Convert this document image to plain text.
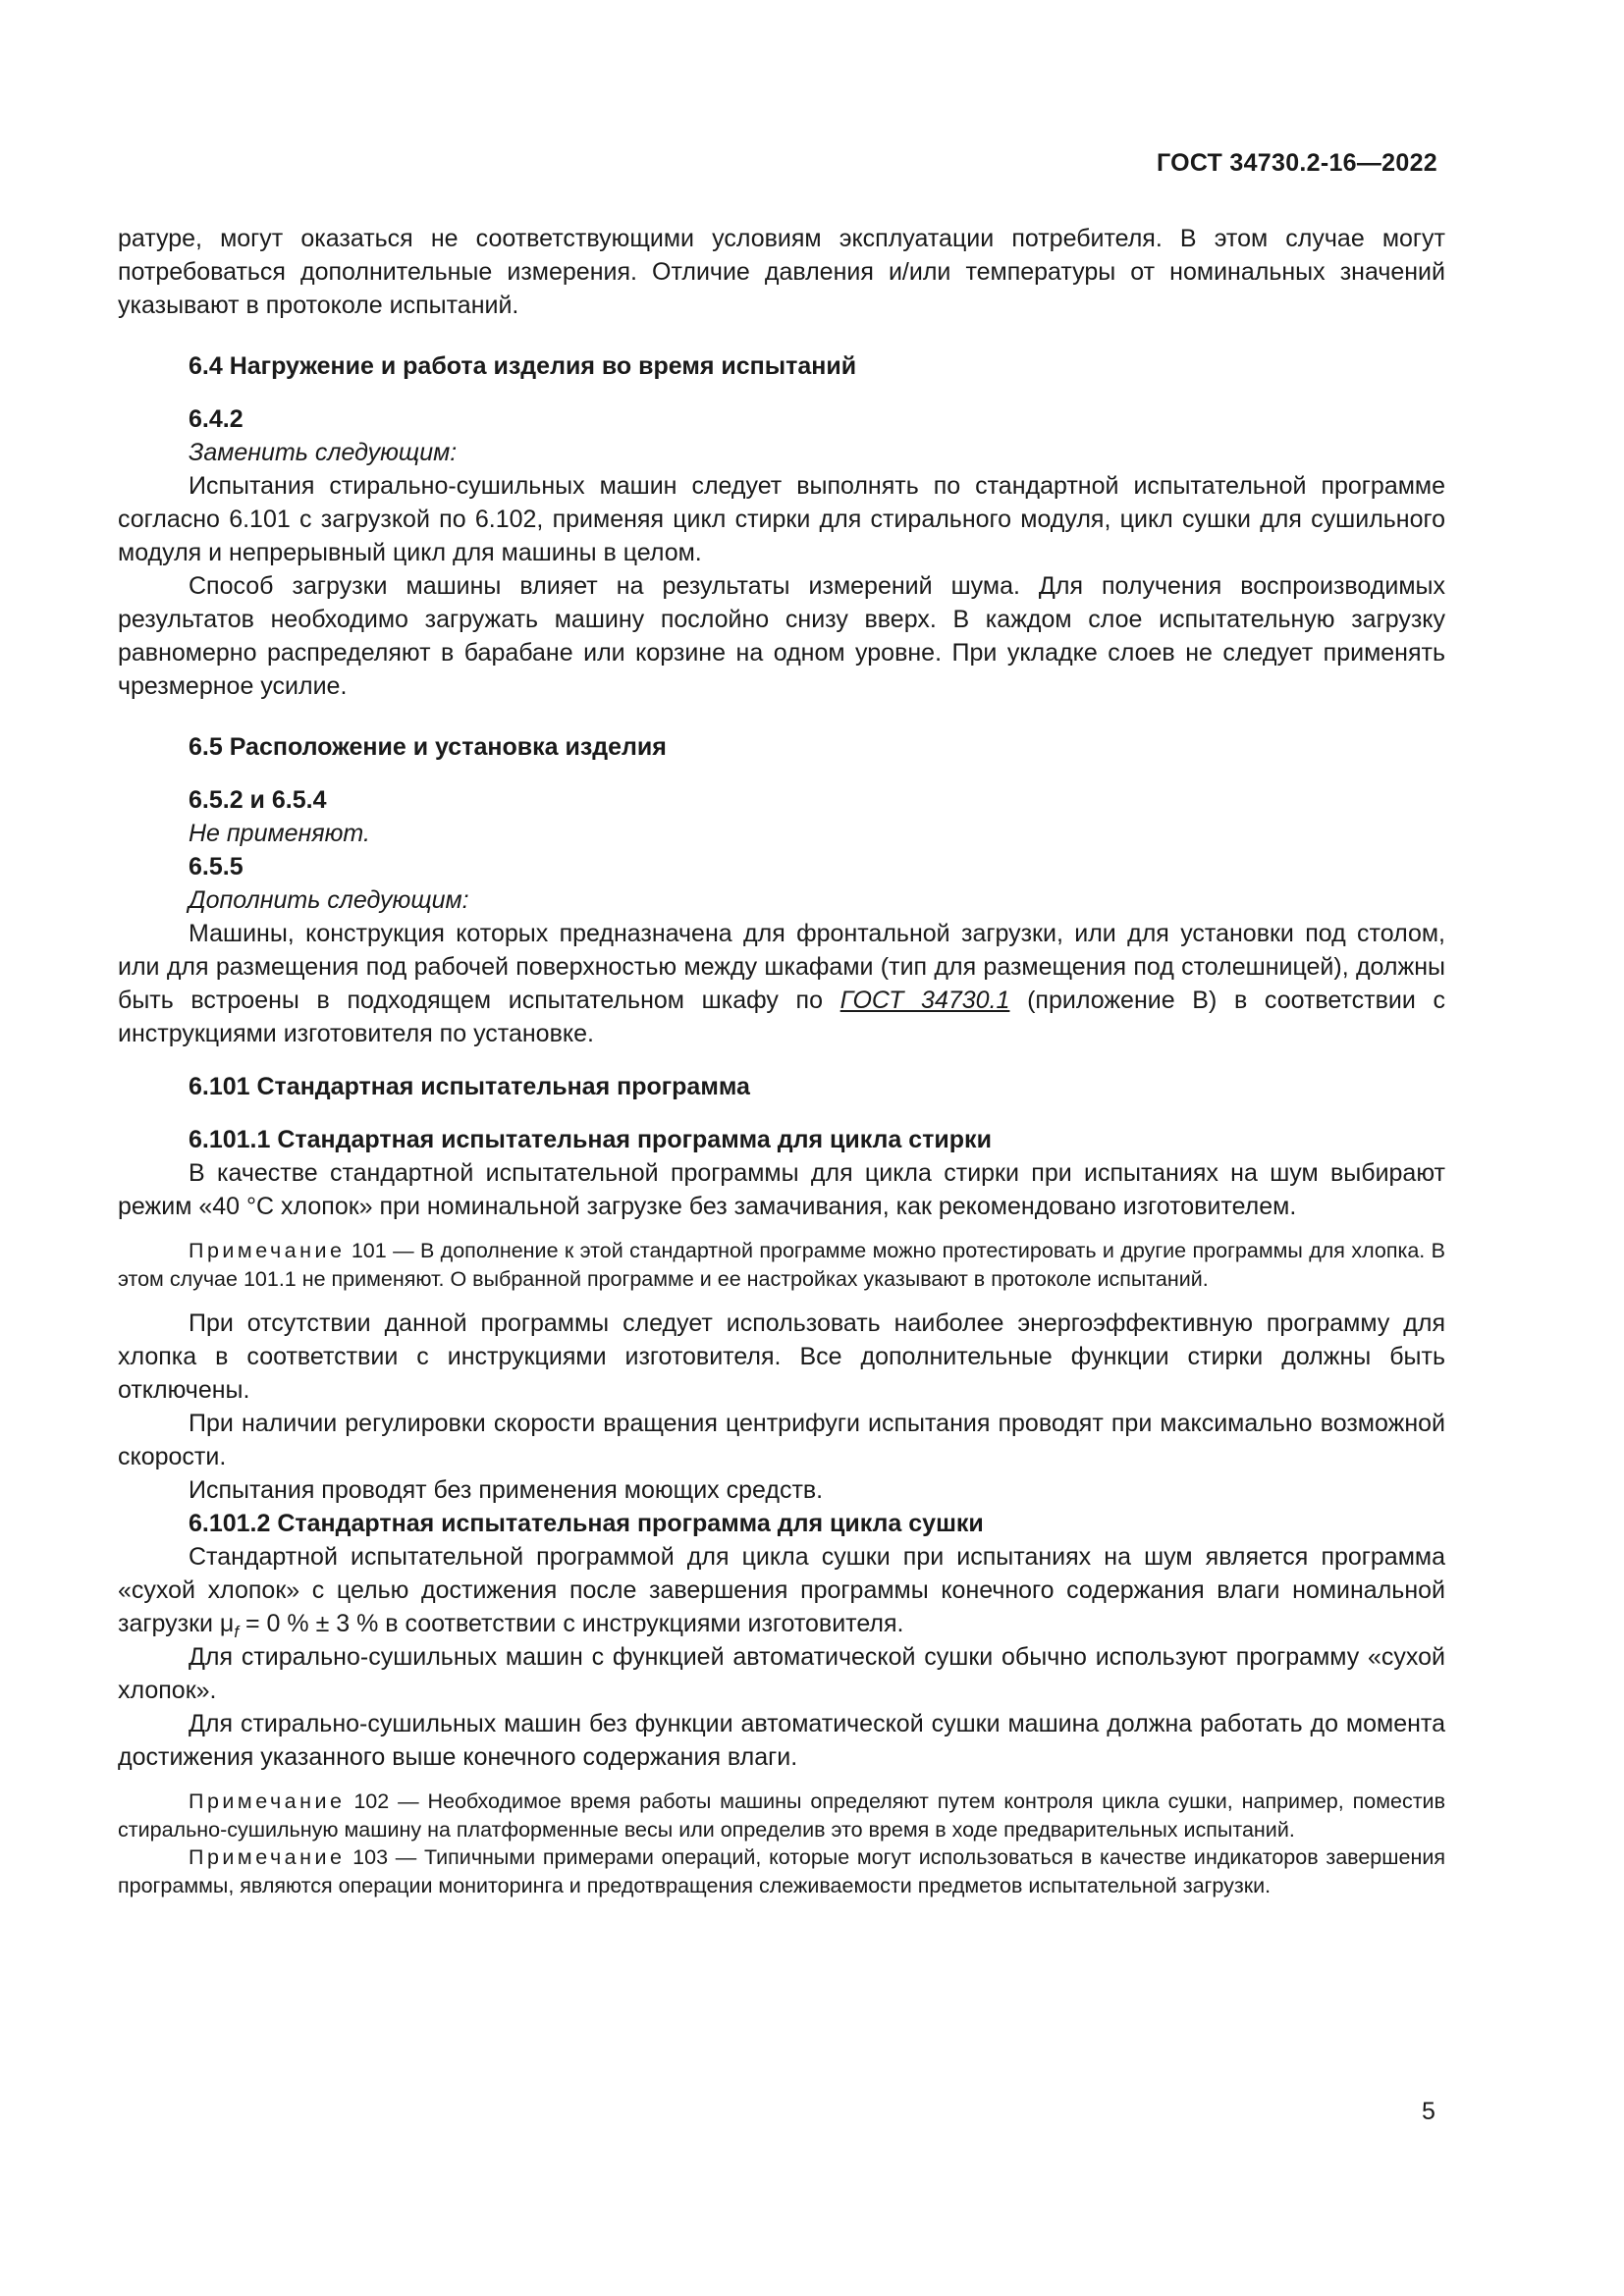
ГОСТ 34730.2-16—2022

ратуре, могут оказаться не соответствующими условиям эксплуатации потребителя. В этом случае могут потребоваться дополнительные измерения. Отличие давления и/или температуры от номинальных значений указывают в протоколе испытаний.

6.4 Нагружение и работа изделия во время испытаний

6.4.2

Заменить следующим:

Испытания стирально-сушильных машин следует выполнять по стандартной испытательной программе согласно 6.101 с загрузкой по 6.102, применяя цикл стирки для стирального модуля, цикл сушки для сушильного модуля и непрерывный цикл для машины в целом.

Способ загрузки машины влияет на результаты измерений шума. Для получения воспроизводимых результатов необходимо загружать машину послойно снизу вверх. В каждом слое испытательную загрузку равномерно распределяют в барабане или корзине на одном уровне. При укладке слоев не следует применять чрезмерное усилие.

6.5 Расположение и установка изделия

6.5.2 и 6.5.4

Не применяют.

6.5.5

Дополнить следующим:

Машины, конструкция которых предназначена для фронтальной загрузки, или для установки под столом, или для размещения под рабочей поверхностью между шкафами (тип для размещения под столешницей), должны быть встроены в подходящем испытательном шкафу по ГОСТ 34730.1 (приложение В) в соответствии с инструкциями изготовителя по установке.

6.101 Стандартная испытательная программа

6.101.1 Стандартная испытательная программа для цикла стирки

В качестве стандартной испытательной программы для цикла стирки при испытаниях на шум выбирают режим «40 °С хлопок» при номинальной загрузке без замачивания, как рекомендовано изготовителем.

Примечание 101 — В дополнение к этой стандартной программе можно протестировать и другие программы для хлопка. В этом случае 101.1 не применяют. О выбранной программе и ее настройках указывают в протоколе испытаний.

При отсутствии данной программы следует использовать наиболее энергоэффективную программу для хлопка в соответствии с инструкциями изготовителя. Все дополнительные функции стирки должны быть отключены.

При наличии регулировки скорости вращения центрифуги испытания проводят при максимально возможной скорости.

Испытания проводят без применения моющих средств.

6.101.2 Стандартная испытательная программа для цикла сушки

Стандартной испытательной программой для цикла сушки при испытаниях на шум является программа «сухой хлопок» с целью достижения после завершения программы конечного содержания влаги номинальной загрузки $\mu_f = 0$ % ± 3 % в соответствии с инструкциями изготовителя.

Для стирально-сушильных машин с функцией автоматической сушки обычно используют программу «сухой хлопок».

Для стирально-сушильных машин без функции автоматической сушки машина должна работать до момента достижения указанного выше конечного содержания влаги.

Примечание 102 — Необходимое время работы машины определяют путем контроля цикла сушки, например, поместив стирально-сушильную машину на платформенные весы или определив это время в ходе предварительных испытаний.

Примечание 103 — Типичными примерами операций, которые могут использоваться в качестве индикаторов завершения программы, являются операции мониторинга и предотвращения слеживаемости предметов испытательной загрузки.

5
